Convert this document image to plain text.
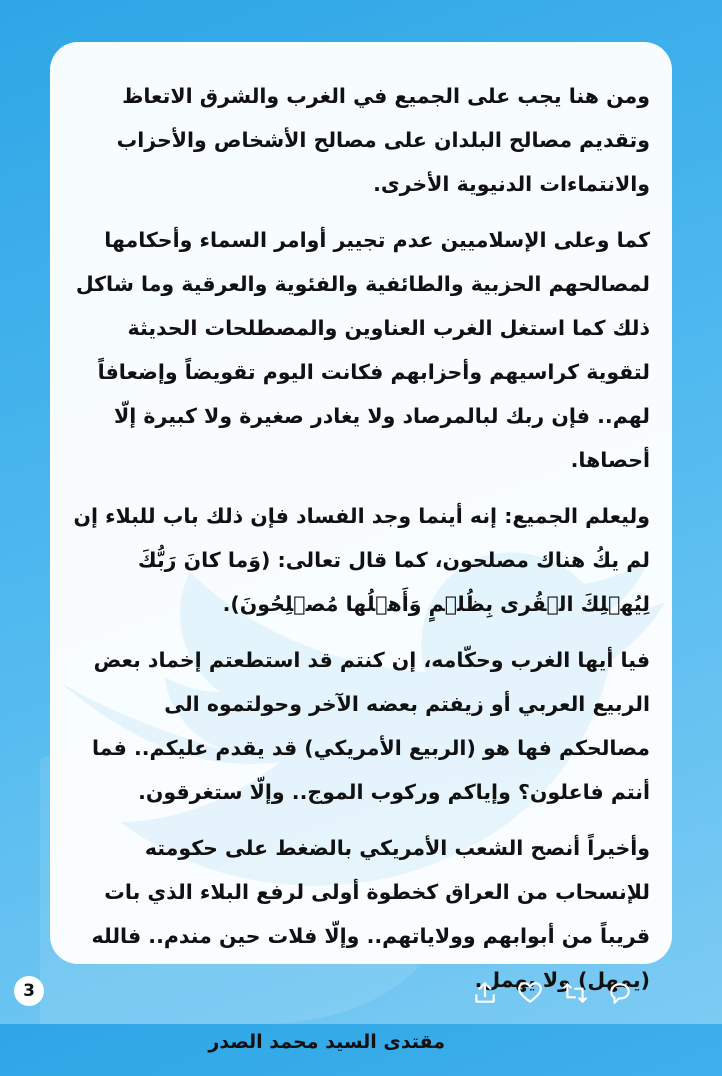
ومن هنا يجب على الجميع في الغرب والشرق الاتعاظ وتقديم مصالح البلدان على مصالح الأشخاص والأحزاب والانتماءات الدنيوية الأخرى.

كما وعلى الإسلاميين عدم تجيير أوامر السماء وأحكامها لمصالحهم الحزبية والطائفية والفئوية والعرقية وما شاكل ذلك كما استغل الغرب العناوين والمصطلحات الحديثة لتقوية كراسيهم وأحزابهم فكانت اليوم تقويضاً وإضعافاً لهم.. فإن ربك لبالمرصاد ولا يغادر صغيرة ولا كبيرة إلّا أحصاها.

وليعلم الجميع: إنه أينما وجد الفساد فإن ذلك باب للبلاء إن لم يكُ هناك مصلحون، كما قال تعالى: (وَما كانَ رَبُّكَ لِيُهۡلِكَ الۡقُرى بِظُلۡمٍ وَأَهۡلُها مُصۡلِحُونَ).

فيا أيها الغرب وحكّامه، إن كنتم قد استطعتم إخماد بعض الربيع العربي أو زيفتم بعضه الآخر وحولتموه الى مصالحكم فها هو (الربيع الأمريكي) قد يقدم عليكم.. فما أنتم فاعلون؟ وإياكم وركوب الموج.. وإلّا ستغرقون.

وأخيراً أنصح الشعب الأمريكي بالضغط على حكومته للإنسحاب من العراق كخطوة أولى لرفع البلاء الذي بات قريباً من أبوابهم وولاياتهم.. وإلّا فلات حين مندم.. فالله (يمهل) ولا يهمل.

مقتدى السيد محمد الصدر

3
